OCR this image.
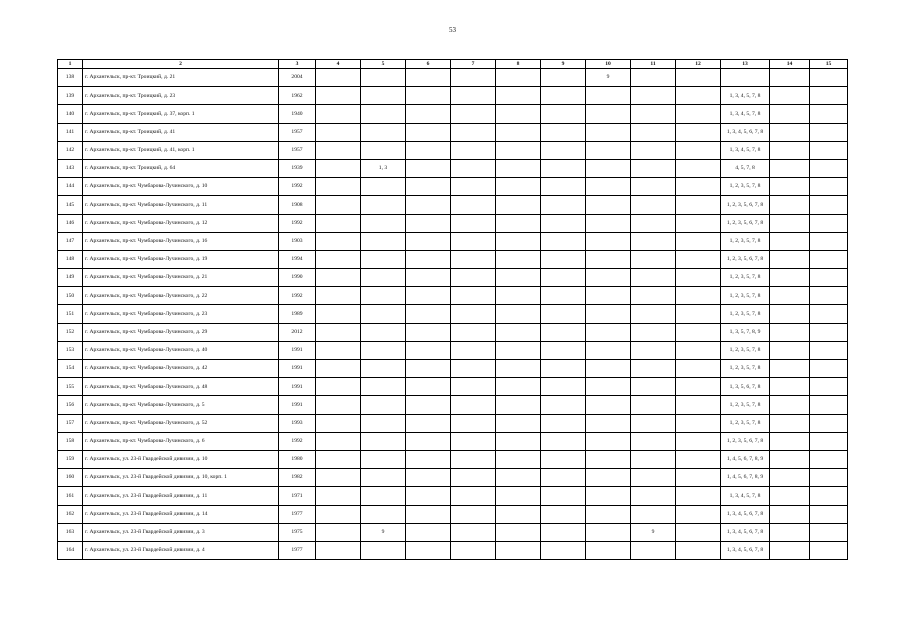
53
1	2	3	4	5	6	7	8	9	10	11	12	13	14	15
138	г. Архангельск, пр-кт. Троицкий, д. 21	2004							9					
139	г. Архангельск, пр-кт. Троицкий, д. 23	1962										1, 3, 4, 5, 7, 8		
140	г. Архангельск, пр-кт. Троицкий, д. 37, корп. 1	1940										1, 3, 4, 5, 7, 8		
141	г. Архангельск, пр-кт. Троицкий, д. 41	1957										1, 3, 4, 5, 6, 7, 8		
142	г. Архангельск, пр-кт. Троицкий, д. 41, корп. 1	1957										1, 3, 4, 5, 7, 8		
143	г. Архангельск, пр-кт. Троицкий, д. 64	1939		1, 3								4, 5, 7, 8		
144	г. Архангельск, пр-кт. Чумбарова-Лучинского, д. 10	1992										1, 2, 3, 5, 7, 8		
145	г. Архангельск, пр-кт. Чумбарова-Лучинского, д. 11	1908										1, 2, 3, 5, 6, 7, 8		
146	г. Архангельск, пр-кт. Чумбарова-Лучинского, д. 12	1992										1, 2, 3, 5, 6, 7, 8		
147	г. Архангельск, пр-кт. Чумбарова-Лучинского, д. 16	1903										1, 2, 3, 5, 7, 8		
148	г. Архангельск, пр-кт. Чумбарова-Лучинского, д. 19	1994										1, 2, 3, 5, 6, 7, 8		
149	г. Архангельск, пр-кт. Чумбарова-Лучинского, д. 21	1990										1, 2, 3, 5, 7, 8		
150	г. Архангельск, пр-кт. Чумбарова-Лучинского, д. 22	1992										1, 2, 3, 5, 7, 8		
151	г. Архангельск, пр-кт. Чумбарова-Лучинского, д. 23	1989										1, 2, 3, 5, 7, 8		
152	г. Архангельск, пр-кт. Чумбарова-Лучинского, д. 29	2012										1, 3, 5, 7, 8, 9		
153	г. Архангельск, пр-кт. Чумбарова-Лучинского, д. 40	1991										1, 2, 3, 5, 7, 8		
154	г. Архангельск, пр-кт. Чумбарова-Лучинского, д. 42	1991										1, 2, 3, 5, 7, 8		
155	г. Архангельск, пр-кт. Чумбарова-Лучинского, д. 48	1991										1, 3, 5, 6, 7, 8		
156	г. Архангельск, пр-кт. Чумбарова-Лучинского, д. 5	1991										1, 2, 3, 5, 7, 8		
157	г. Архангельск, пр-кт. Чумбарова-Лучинского, д. 52	1993										1, 2, 3, 5, 7, 8		
158	г. Архангельск, пр-кт. Чумбарова-Лучинского, д. 6	1992										1, 2, 3, 5, 6, 7, 8		
159	г. Архангельск, ул. 23-й Гвардейской дивизии, д. 10	1980										1, 4, 5, 6, 7, 8, 9		
160	г. Архангельск, ул. 23-й Гвардейской дивизии, д. 10, корп. 1	1982										1, 4, 5, 6, 7, 8, 9		
161	г. Архангельск, ул. 23-й Гвардейской дивизии, д. 11	1971										1, 3, 4, 5, 7, 8		
162	г. Архангельск, ул. 23-й Гвардейской дивизии, д. 14	1977										1, 3, 4, 5, 6, 7, 8		
163	г. Архангельск, ул. 23-й Гвардейской дивизии, д. 3	1975		9						9		1, 3, 4, 5, 6, 7, 8		
164	г. Архангельск, ул. 23-й Гвардейской дивизии, д. 4	1977										1, 3, 4, 5, 6, 7, 8		
